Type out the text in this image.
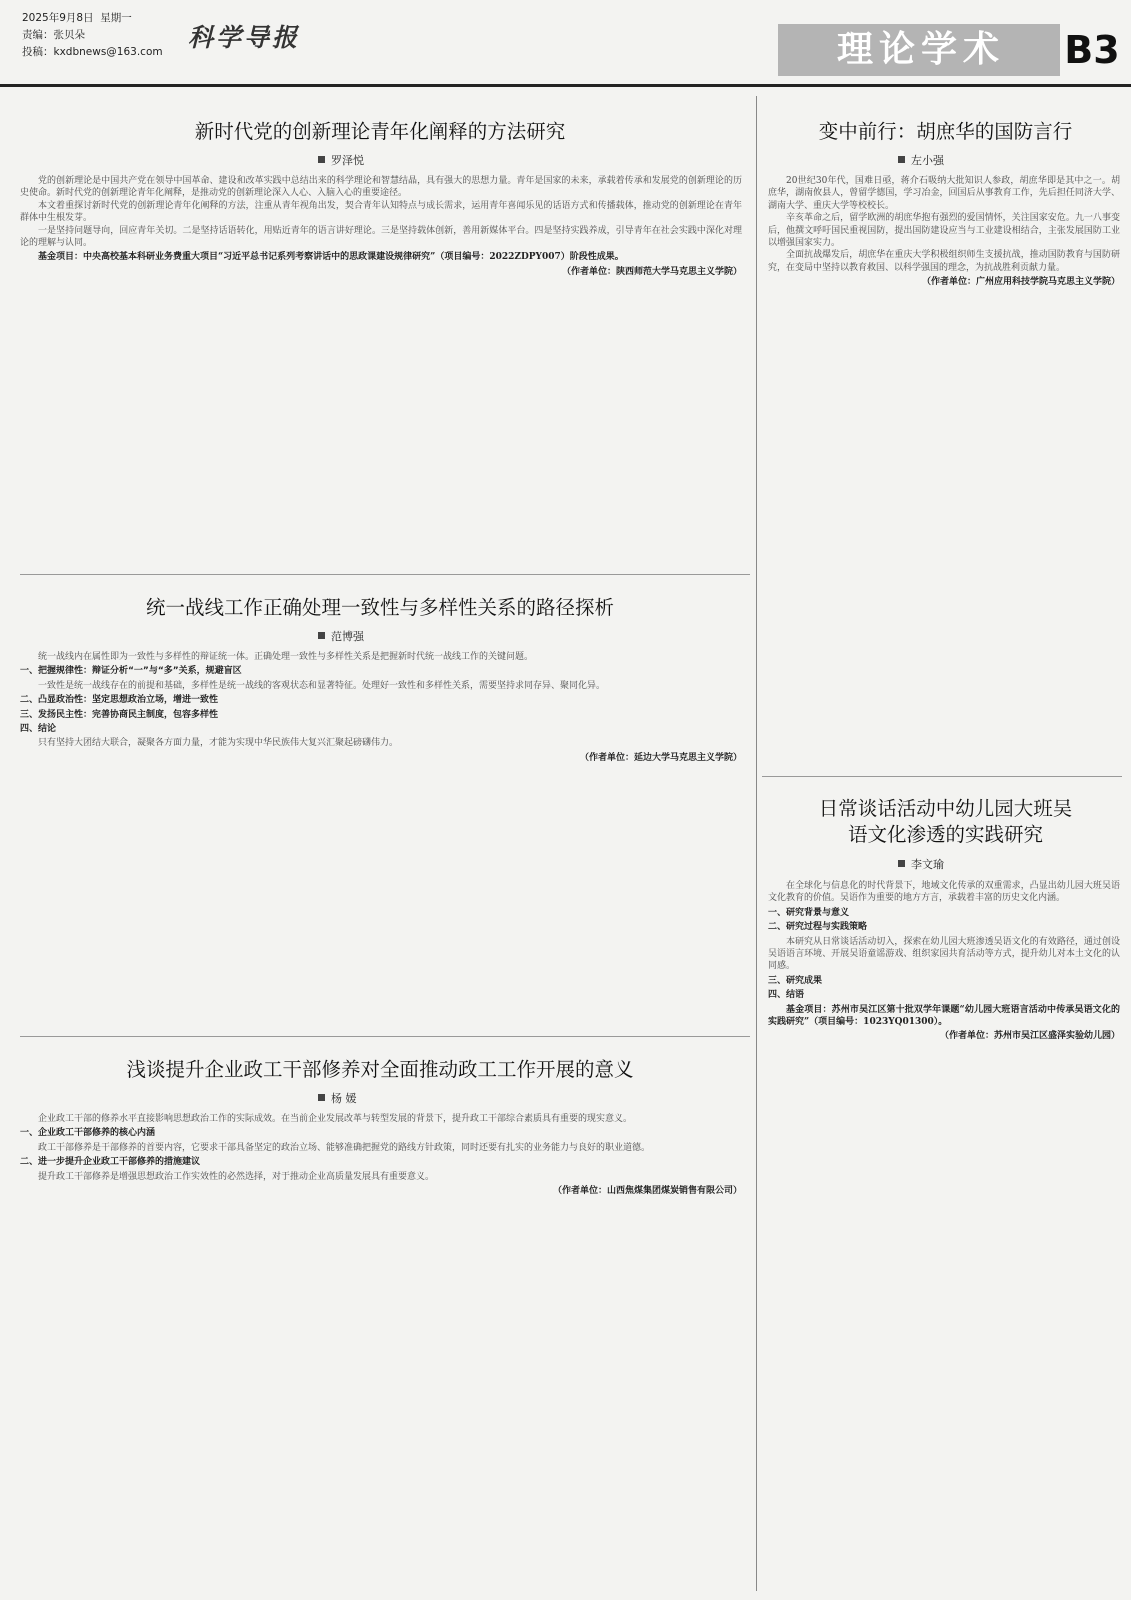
2025年9月8日 星期一
责编：张贝朵
投稿：kxdbnews@163.com 科学导报	理论学术	B3
新时代党的创新理论青年化阐释的方法研究
罗泽悦

党的创新理论是中国共产党在领导中国革命、建设和改革实践中总结出来的科学理论和智慧结晶，具有强大的思想力量。青年是国家的未来，承载着传承和发展党的创新理论的历史使命。新时代党的创新理论青年化阐释，是推动党的创新理论深入人心、入脑入心的重要途径。

本文着重探讨新时代党的创新理论青年化阐释的方法，注重从青年视角出发，契合青年认知特点与成长需求，运用青年喜闻乐见的话语方式和传播载体，推动党的创新理论在青年群体中生根发芽。

一是坚持问题导向，回应青年关切。二是坚持话语转化，用贴近青年的语言讲好理论。三是坚持载体创新，善用新媒体平台。四是坚持实践养成，引导青年在社会实践中深化对理论的理解与认同。

基金项目：中央高校基本科研业务费重大项目“习近平总书记系列考察讲话中的思政课建设规律研究”（项目编号：2022ZDPY007）阶段性成果。

（作者单位：陕西师范大学马克思主义学院）

变中前行：胡庶华的国防言行
左小强

20世纪30年代，国难日亟，蒋介石吸纳大批知识人参政，胡庶华即是其中之一。胡庶华，湖南攸县人，曾留学德国，学习冶金，回国后从事教育工作，先后担任同济大学、湖南大学、重庆大学等校校长。

辛亥革命之后，留学欧洲的胡庶华抱有强烈的爱国情怀，关注国家安危。九一八事变后，他撰文呼吁国民重视国防，提出国防建设应当与工业建设相结合，主张发展国防工业以增强国家实力。

全面抗战爆发后，胡庶华在重庆大学积极组织师生支援抗战，推动国防教育与国防研究，在变局中坚持以教育救国、以科学强国的理念，为抗战胜利贡献力量。

（作者单位：广州应用科技学院马克思主义学院）

统一战线工作正确处理一致性与多样性关系的路径探析
范博强

统一战线内在属性即为一致性与多样性的辩证统一体。正确处理一致性与多样性关系是把握新时代统一战线工作的关键问题。

一、把握规律性：辩证分析“一”与“多”关系，规避盲区

一致性是统一战线存在的前提和基础，多样性是统一战线的客观状态和显著特征。处理好一致性和多样性关系，需要坚持求同存异、聚同化异。

二、凸显政治性：坚定思想政治立场，增进一致性

三、发扬民主性：完善协商民主制度，包容多样性

四、结论

只有坚持大团结大联合，凝聚各方面力量，才能为实现中华民族伟大复兴汇聚起磅礴伟力。

（作者单位：延边大学马克思主义学院）

日常谈话活动中幼儿园大班吴语文化渗透的实践研究
李文瑜

在全球化与信息化的时代背景下，地域文化传承的双重需求，凸显出幼儿园大班吴语文化教育的价值。吴语作为重要的地方方言，承载着丰富的历史文化内涵。

一、研究背景与意义

二、研究过程与实践策略

本研究从日常谈话活动切入，探索在幼儿园大班渗透吴语文化的有效路径，通过创设吴语语言环境、开展吴语童谣游戏、组织家园共育活动等方式，提升幼儿对本土文化的认同感。

三、研究成果

四、结语

基金项目：苏州市吴江区第十批双学年课题“幼儿园大班语言活动中传承吴语文化的实践研究”（项目编号：1023YQ01300）。

（作者单位：苏州市吴江区盛泽实验幼儿园）

浅谈提升企业政工干部修养对全面推动政工工作开展的意义
杨 媛

企业政工干部的修养水平直接影响思想政治工作的实际成效。在当前企业发展改革与转型发展的背景下，提升政工干部综合素质具有重要的现实意义。

一、企业政工干部修养的核心内涵

政工干部修养是干部修养的首要内容，它要求干部具备坚定的政治立场、能够准确把握党的路线方针政策，同时还要有扎实的业务能力与良好的职业道德。

二、进一步提升企业政工干部修养的措施建议

提升政工干部修养是增强思想政治工作实效性的必然选择，对于推动企业高质量发展具有重要意义。

（作者单位：山西焦煤集团煤炭销售有限公司）
